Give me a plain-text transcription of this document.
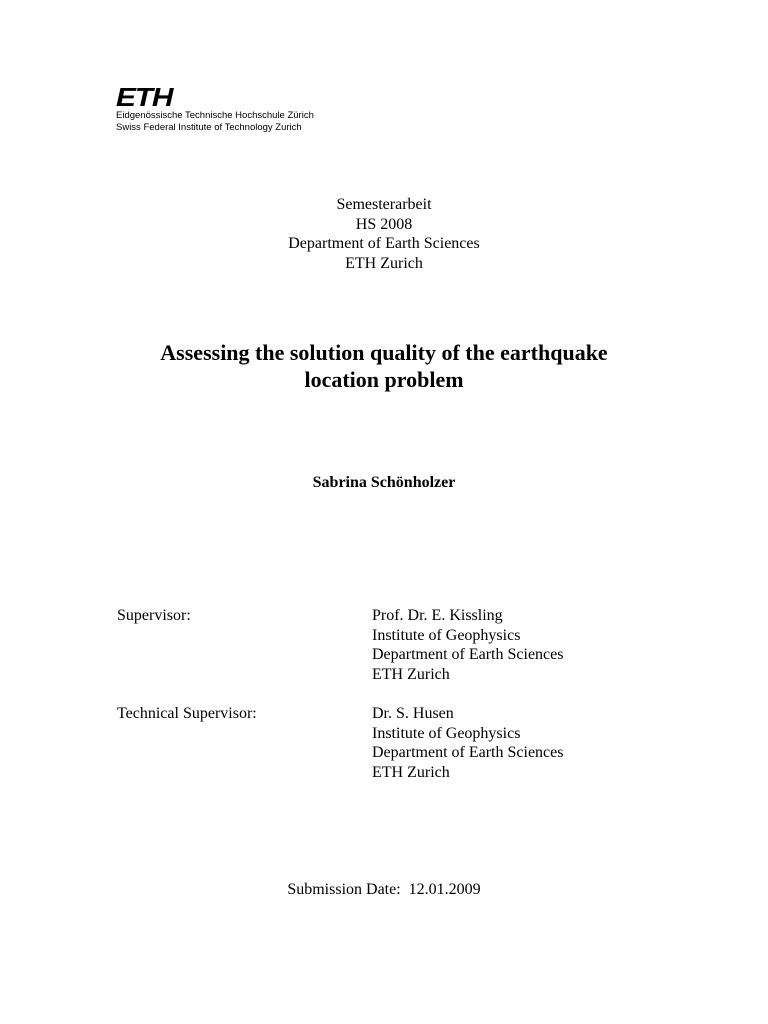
ETH
Eidgenössische Technische Hochschule Zürich
Swiss Federal Institute of Technology Zurich
Semesterarbeit
HS 2008
Department of Earth Sciences
ETH Zurich
Assessing the solution quality of the earthquake
location problem
Sabrina Schönholzer
Supervisor:	Prof. Dr. E. Kissling
Institute of Geophysics
Department of Earth Sciences
ETH Zurich
Technical Supervisor:	Dr. S. Husen
Institute of Geophysics
Department of Earth Sciences
ETH Zurich
Submission Date: 12.01.2009
